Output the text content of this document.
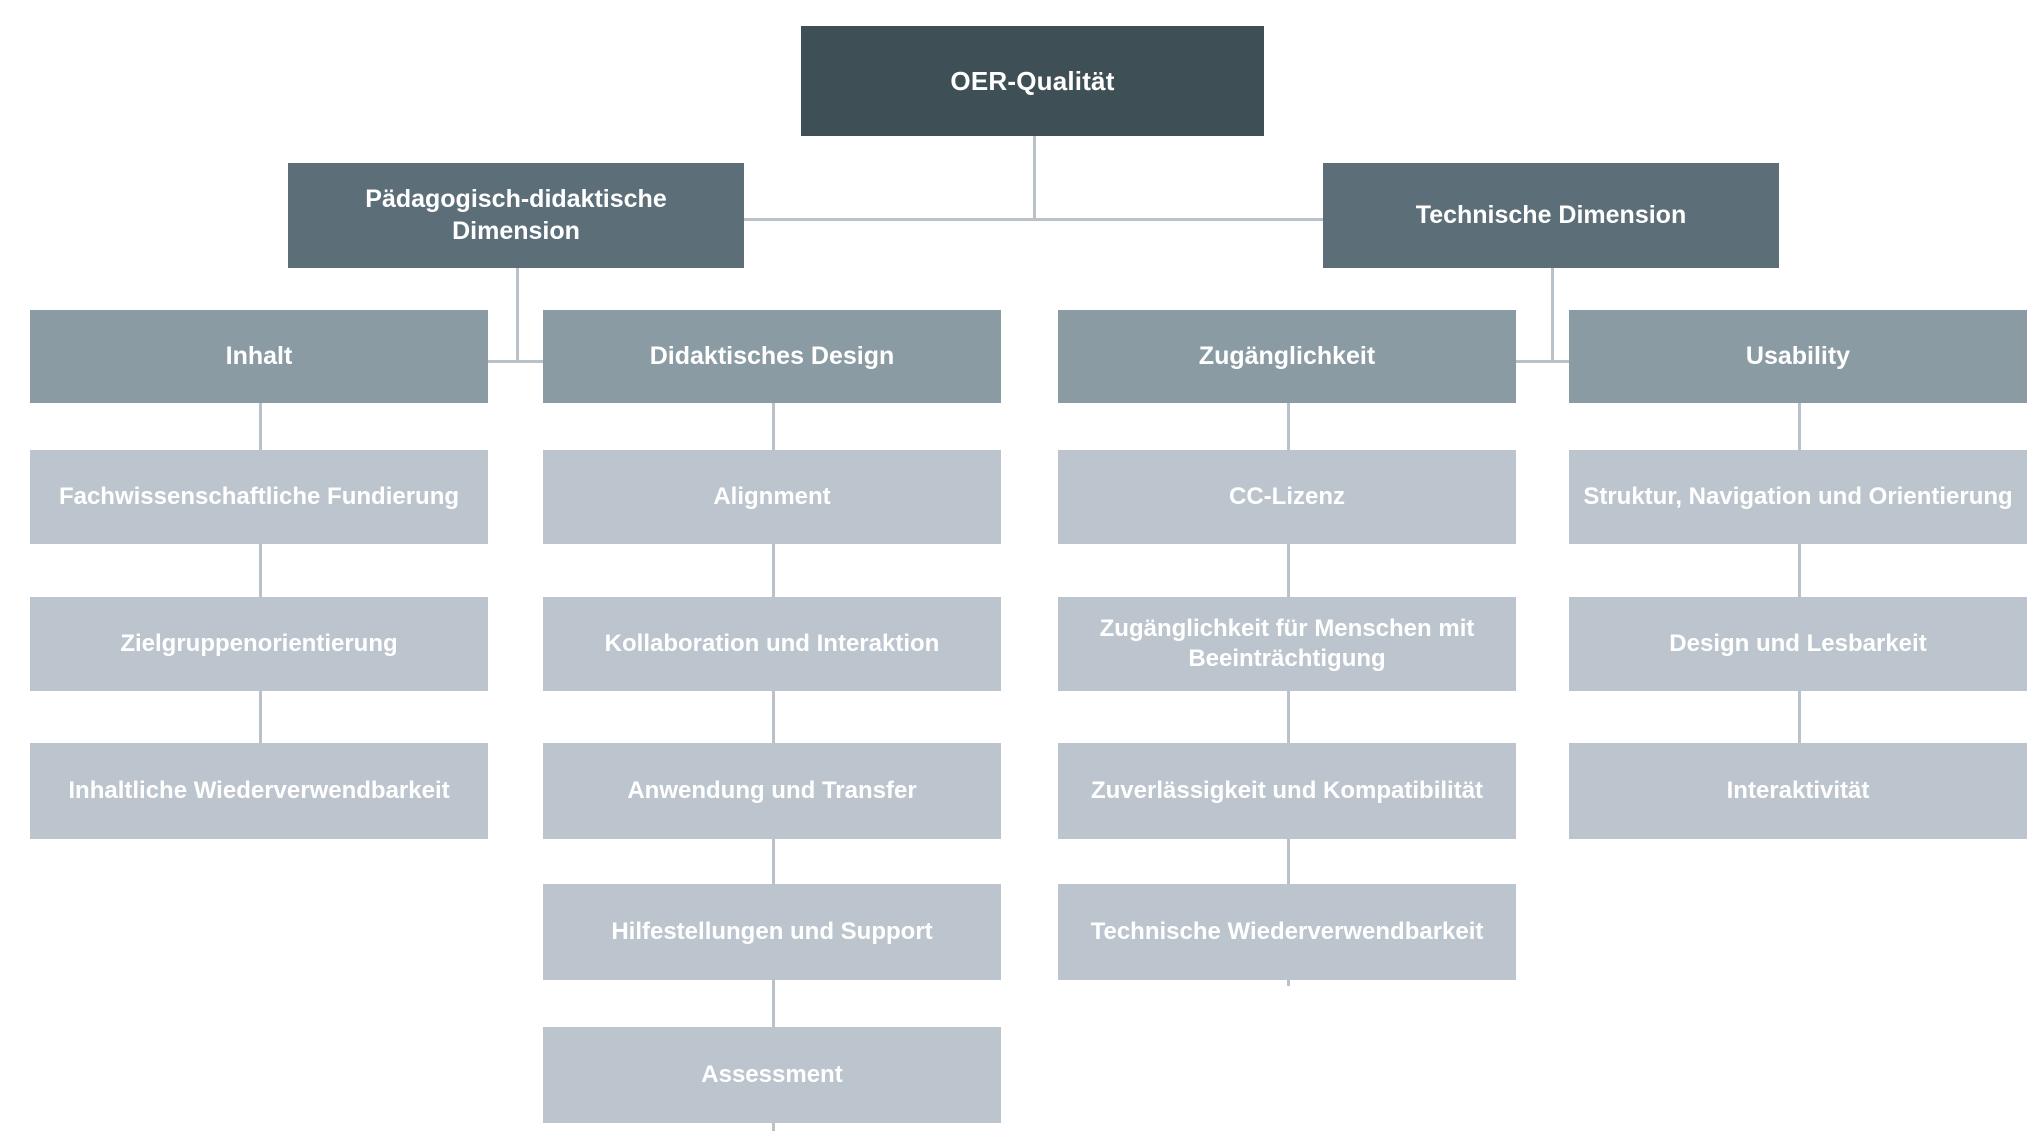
OER-Qualität
Pädagogisch-didaktische Dimension
Technische Dimension
Inhalt	Didaktisches Design	Zugänglichkeit	Usability
Fachwissenschaftliche Fundierung
Zielgruppenorientierung
Inhaltliche Wiederverwendbarkeit
Alignment
Kollaboration und Interaktion
Anwendung und Transfer
Hilfestellungen und Support
Assessment
CC-Lizenz
Zugänglichkeit für Menschen mit Beeinträchtigung
Zuverlässigkeit und Kompatibilität
Technische Wiederverwendbarkeit
Struktur, Navigation und Orientierung
Design und Lesbarkeit
Interaktivität
